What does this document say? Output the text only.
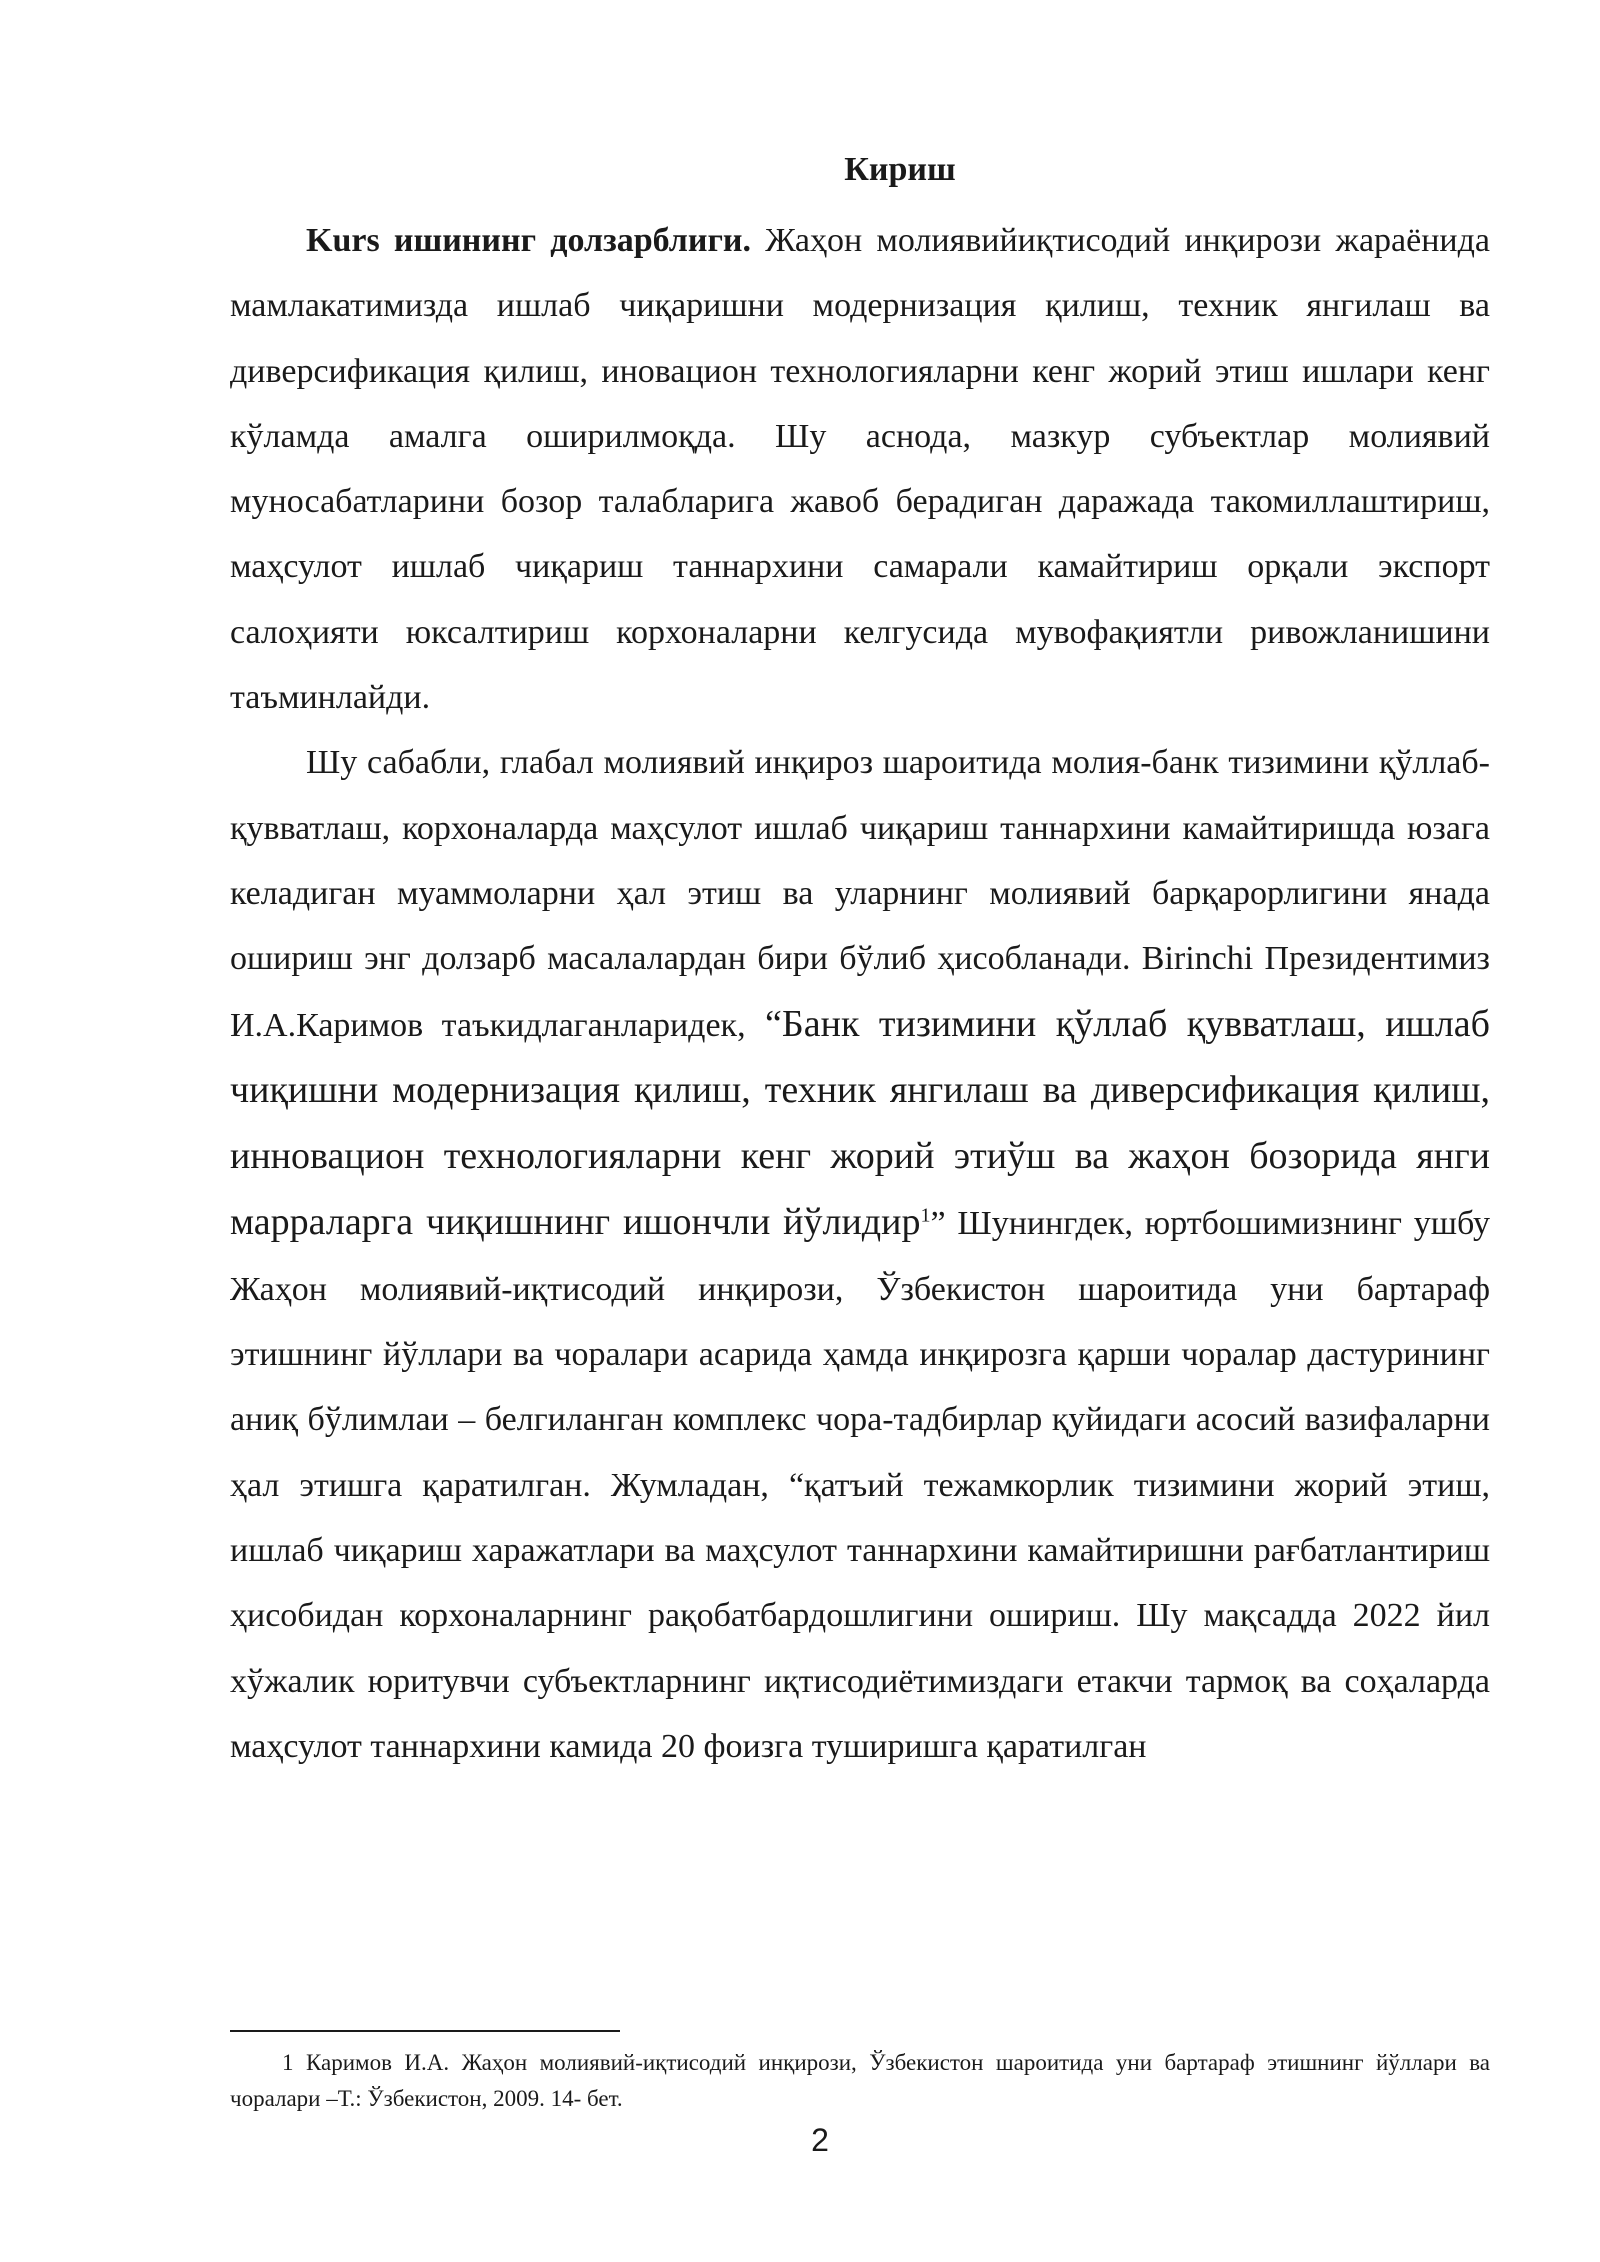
Кириш

Kurs ишининг долзарблиги. Жаҳон молиявийиқтисодий инқирози жараёнида мамлакатимизда ишлаб чиқаришни модернизация қилиш, техник янгилаш ва диверсификация қилиш, иновацион технологияларни кенг жорий этиш ишлари кенг кўламда амалга оширилмоқда. Шу аснода, мазкур субъектлар молиявий муносабатларини бозор талабларига жавоб берадиган даражада такомиллаштириш, маҳсулот ишлаб чиқариш таннархини самарали камайтириш орқали экспорт салоҳияти юксалтириш корхоналарни келгусида мувофақиятли ривожланишини таъминлайди.

Шу сабабли, глабал молиявий инқироз шароитида молия-банк тизимини қўллаб-қувватлаш, корхоналарда маҳсулот ишлаб чиқариш таннархини камайтиришда юзага келадиган муаммоларни ҳал этиш ва уларнинг молиявий барқарорлигини янада ошириш энг долзарб масалалардан бири бўлиб ҳисобланади. Birinchi Президентимиз И.А.Каримов таъкидлаганларидек, “Банк тизимини қўллаб қувватлаш, ишлаб чиқишни модернизация қилиш, техник янгилаш ва диверсификация қилиш, инновацион технологияларни кенг жорий этиўш ва жаҳон бозорида янги марраларга чиқишнинг ишончли йўлидир$^1$” Шунингдек, юртбошимизнинг ушбу Жаҳон молиявий-иқтисодий инқирози, Ўзбекистон шароитида уни бартараф этишнинг йўллари ва чоралари асарида ҳамда инқирозга қарши чоралар дастурининг аниқ бўлимлаи – белгиланган комплекс чора-тадбирлар қуйидаги асосий вазифаларни ҳал этишга қаратилган. Жумладан, “қатъий тежамкорлик тизимини жорий этиш, ишлаб чиқариш харажатлари ва маҳсулот таннархини камайтиришни рағбатлантириш ҳисобидан корхоналарнинг рақобатбардошлигини ошириш. Шу мақсадда 2022 йил хўжалик юритувчи субъектларнинг иқтисодиётимиздаги етакчи тармоқ ва соҳаларда маҳсулот таннархини камида 20 фоизга туширишга қаратилган

1 Каримов И.А. Жаҳон молиявий-иқтисодий инқирози, Ўзбекистон шароитида уни бартараф этишнинг йўллари ва чоралари –Т.: Ўзбекистон, 2009. 14- бет.
2
